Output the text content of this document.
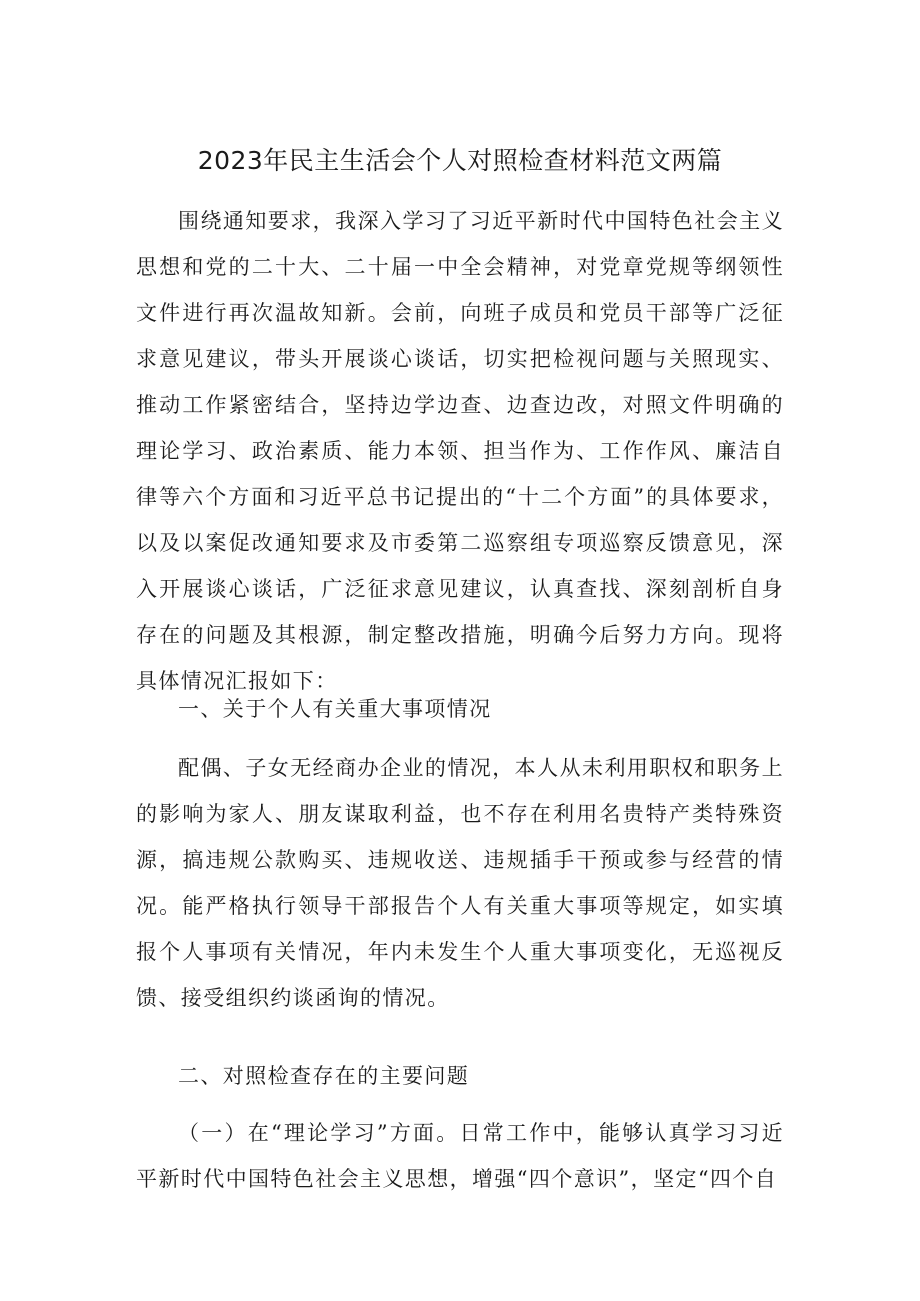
2023年民主生活会个人对照检查材料范文两篇

围绕通知要求，我深入学习了习近平新时代中国特色社会主义思想和党的二十大、二十届一中全会精神，对党章党规等纲领性文件进行再次温故知新。会前，向班子成员和党员干部等广泛征求意见建议，带头开展谈心谈话，切实把检视问题与关照现实、推动工作紧密结合，坚持边学边查、边查边改，对照文件明确的理论学习、政治素质、能力本领、担当作为、工作作风、廉洁自律等六个方面和习近平总书记提出的“十二个方面”的具体要求，以及以案促改通知要求及市委第二巡察组专项巡察反馈意见，深入开展谈心谈话，广泛征求意见建议，认真查找、深刻剖析自身存在的问题及其根源，制定整改措施，明确今后努力方向。现将具体情况汇报如下：

一、关于个人有关重大事项情况

配偶、子女无经商办企业的情况，本人从未利用职权和职务上的影响为家人、朋友谋取利益，也不存在利用名贵特产类特殊资源，搞违规公款购买、违规收送、违规插手干预或参与经营的情况。能严格执行领导干部报告个人有关重大事项等规定，如实填报个人事项有关情况，年内未发生个人重大事项变化，无巡视反馈、接受组织约谈函询的情况。

二、对照检查存在的主要问题

（一）在“理论学习”方面。日常工作中，能够认真学习习近平新时代中国特色社会主义思想，增强“四个意识”，坚定“四个自
